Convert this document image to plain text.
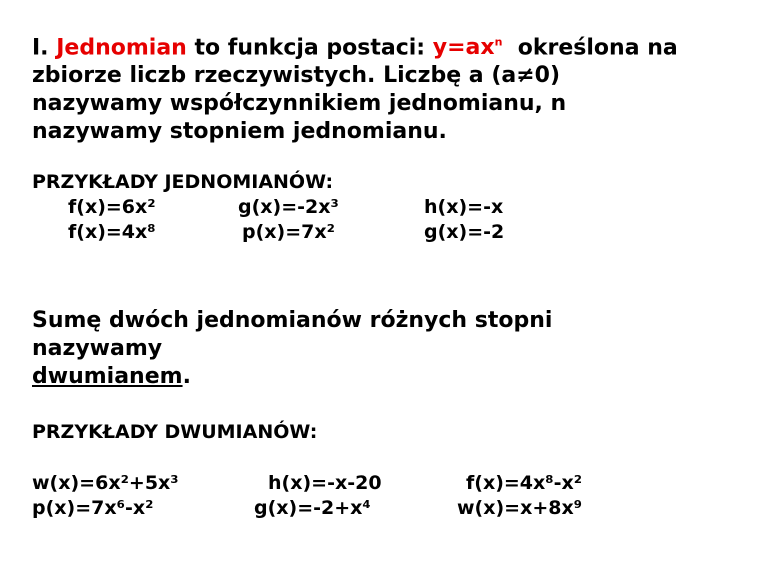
I. Jednomian to funkcja postaci: $y=ax^n$ określona na
zbiorze liczb rzeczywistych. Liczbę a (a≠0)
nazywamy współczynnikiem jednomianu, n
nazywamy stopniem jednomianu.
PRZYKŁADY JEDNOMIANÓW:
f(x)=6x²	g(x)=-2x³	h(x)=-x
f(x)=4x⁸	p(x)=7x²	g(x)=-2
Sumę dwóch jednomianów różnych stopni
nazywamy
dwumianem.
PRZYKŁADY DWUMIANÓW:
w(x)=6x²+5x³	h(x)=-x-20	f(x)=4x⁸-x²
p(x)=7x⁶-x²	g(x)=-2+x⁴	w(x)=x+8x⁹
